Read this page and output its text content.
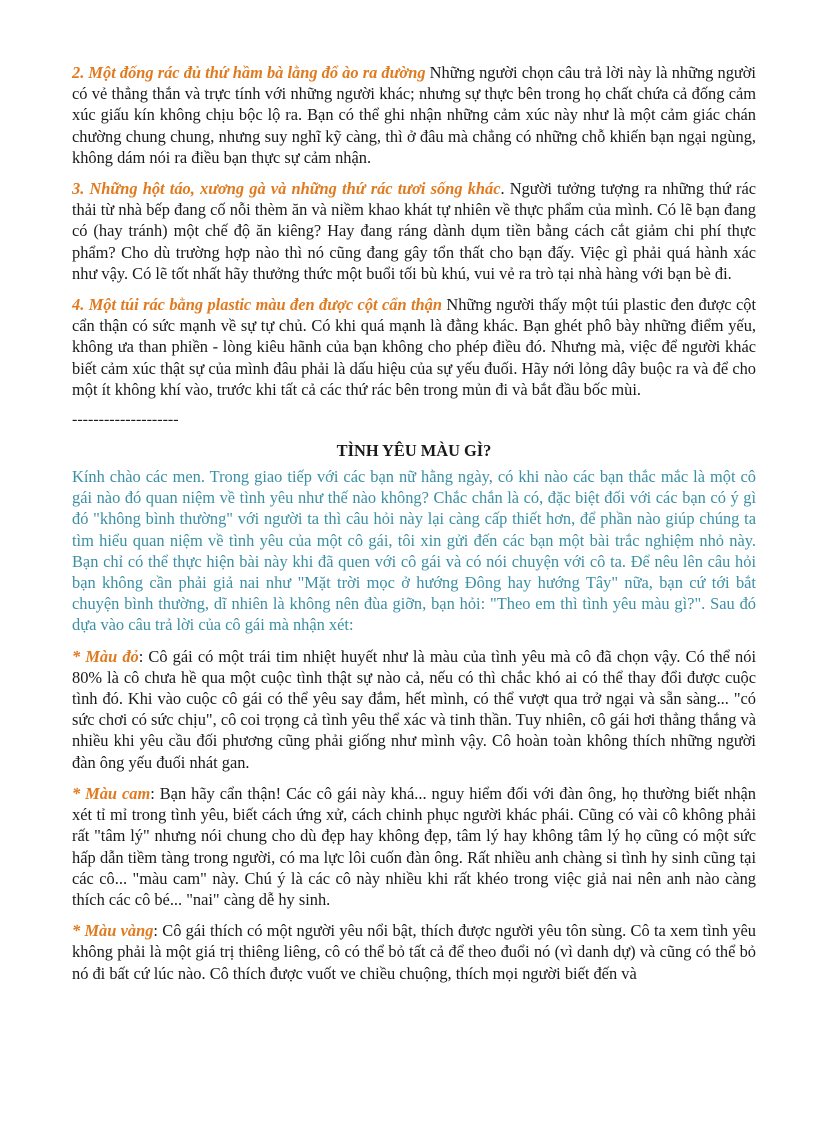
2. Một đống rác đủ thứ hầm bà lằng đổ ào ra đường Những người chọn câu trả lời này là những người có vẻ thẳng thắn và trực tính với những người khác; nhưng sự thực bên trong họ chất chứa cả đống cảm xúc giấu kín không chịu bộc lộ ra. Bạn có thể ghi nhận những cảm xúc này như là một cảm giác chán chường chung chung, nhưng suy nghĩ kỹ càng, thì ở đâu mà chẳng có những chỗ khiến bạn ngại ngùng, không dám nói ra điều bạn thực sự cảm nhận.

3. Những hột táo, xương gà và những thứ rác tươi sống khác. Người tưởng tượng ra những thứ rác thải từ nhà bếp đang cố nỗi thèm ăn và niềm khao khát tự nhiên về thực phẩm của mình. Có lẽ bạn đang có (hay tránh) một chế độ ăn kiêng? Hay đang ráng dành dụm tiền bằng cách cắt giảm chi phí thực phẩm? Cho dù trường hợp nào thì nó cũng đang gây tổn thất cho bạn đấy. Việc gì phải quá hành xác như vậy. Có lẽ tốt nhất hãy thưởng thức một buổi tối bù khú, vui vẻ ra trò tại nhà hàng với bạn bè đi.

4. Một túi rác bằng plastic màu đen được cột cẩn thận Những người thấy một túi plastic đen được cột cẩn thận có sức mạnh về sự tự chủ. Có khi quá mạnh là đằng khác. Bạn ghét phô bày những điểm yếu, không ưa than phiền - lòng kiêu hãnh của bạn không cho phép điều đó. Nhưng mà, việc để người khác biết cảm xúc thật sự của mình đâu phải là dấu hiệu của sự yếu đuối. Hãy nới lỏng dây buộc ra và để cho một ít không khí vào, trước khi tất cả các thứ rác bên trong mủn đi và bắt đầu bốc mùi.

--------------------
TÌNH YÊU MÀU GÌ?

Kính chào các men. Trong giao tiếp với các bạn nữ hằng ngày, có khi nào các bạn thắc mắc là một cô gái nào đó quan niệm về tình yêu như thế nào không? Chắc chắn là có, đặc biệt đối với các bạn có ý gì đó "không bình thường" với người ta thì câu hỏi này lại càng cấp thiết hơn, để phần nào giúp chúng ta tìm hiểu quan niệm về tình yêu của một cô gái, tôi xin gửi đến các bạn một bài trắc nghiệm nhỏ này. Bạn chỉ có thể thực hiện bài này khi đã quen với cô gái và có nói chuyện với cô ta. Để nêu lên câu hỏi bạn không cần phải giả nai như "Mặt trời mọc ở hướng Đông hay hướng Tây" nữa, bạn cứ tới bắt chuyện bình thường, dĩ nhiên là không nên đùa giỡn, bạn hỏi: "Theo em thì tình yêu màu gì?". Sau đó dựa vào câu trả lời của cô gái mà nhận xét:

* Màu đỏ: Cô gái có một trái tim nhiệt huyết như là màu của tình yêu mà cô đã chọn vậy. Có thể nói 80% là cô chưa hề qua một cuộc tình thật sự nào cả, nếu có thì chắc khó ai có thể thay đổi được cuộc tình đó. Khi vào cuộc cô gái có thể yêu say đắm, hết mình, có thể vượt qua trở ngại và sẵn sàng... "có sức chơi có sức chịu", cô coi trọng cả tình yêu thể xác và tinh thần. Tuy nhiên, cô gái hơi thẳng thắng và nhiều khi yêu cầu đối phương cũng phải giống như mình vậy. Cô hoàn toàn không thích những người đàn ông yếu đuối nhát gan.

* Màu cam: Bạn hãy cẩn thận! Các cô gái này khá... nguy hiểm đối với đàn ông, họ thường biết nhận xét tỉ mỉ trong tình yêu, biết cách ứng xử, cách chinh phục người khác phái. Cũng có vài cô không phải rất "tâm lý" nhưng nói chung cho dù đẹp hay không đẹp, tâm lý hay không tâm lý họ cũng có một sức hấp dẫn tiềm tàng trong người, có ma lực lôi cuốn đàn ông. Rất nhiều anh chàng si tình hy sinh cũng tại các cô... "màu cam" này. Chú ý là các cô này nhiều khi rất khéo trong việc giả nai nên anh nào càng thích các cô bé... "nai" càng dễ hy sinh.

* Màu vàng: Cô gái thích có một người yêu nổi bật, thích được người yêu tôn sùng. Cô ta xem tình yêu không phải là một giá trị thiêng liêng, cô có thể bỏ tất cả để theo đuổi nó (vì danh dự) và cũng có thể bỏ nó đi bất cứ lúc nào. Cô thích được vuốt ve chiều chuộng, thích mọi người biết đến và
